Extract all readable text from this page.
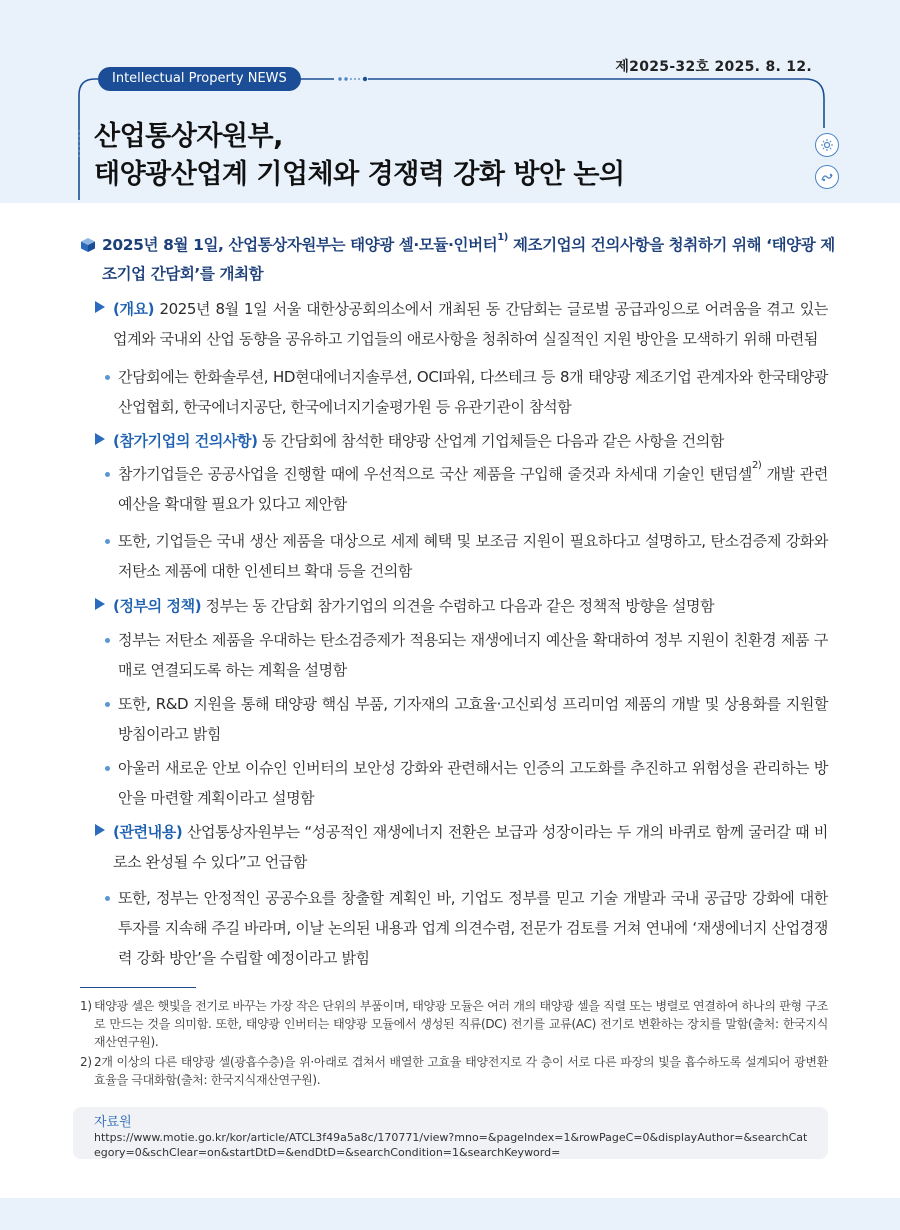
제2025-32호 2025. 8. 12.
Intellectual Property NEWS
산업통상자원부,
태양광산업계 기업체와 경쟁력 강화 방안 논의
2025년 8월 1일, 산업통상자원부는 태양광 셀·모듈·인버터$^{1)}$ 제조기업의 건의사항을 청취하기 위해 ‘태양광 제조기업 간담회’를 개최함
(개요) 2025년 8월 1일 서울 대한상공회의소에서 개최된 동 간담회는 글로벌 공급과잉으로 어려움을 겪고 있는 업계와 국내외 산업 동향을 공유하고 기업들의 애로사항을 청취하여 실질적인 지원 방안을 모색하기 위해 마련됨
간담회에는 한화솔루션, HD현대에너지솔루션, OCI파워, 다쓰테크 등 8개 태양광 제조기업 관계자와 한국태양광산업협회, 한국에너지공단, 한국에너지기술평가원 등 유관기관이 참석함
(참가기업의 건의사항) 동 간담회에 참석한 태양광 산업계 기업체들은 다음과 같은 사항을 건의함
참가기업들은 공공사업을 진행할 때에 우선적으로 국산 제품을 구입해 줄것과 차세대 기술인 탠덤셀$^{2)}$ 개발 관련 예산을 확대할 필요가 있다고 제안함
또한, 기업들은 국내 생산 제품을 대상으로 세제 혜택 및 보조금 지원이 필요하다고 설명하고, 탄소검증제 강화와 저탄소 제품에 대한 인센티브 확대 등을 건의함
(정부의 정책) 정부는 동 간담회 참가기업의 의견을 수렴하고 다음과 같은 정책적 방향을 설명함
정부는 저탄소 제품을 우대하는 탄소검증제가 적용되는 재생에너지 예산을 확대하여 정부 지원이 친환경 제품 구매로 연결되도록 하는 계획을 설명함
또한, R&D 지원을 통해 태양광 핵심 부품, 기자재의 고효율·고신뢰성 프리미엄 제품의 개발 및 상용화를 지원할 방침이라고 밝힘
아울러 새로운 안보 이슈인 인버터의 보안성 강화와 관련해서는 인증의 고도화를 추진하고 위험성을 관리하는 방안을 마련할 계획이라고 설명함
(관련내용) 산업통상자원부는 “성공적인 재생에너지 전환은 보급과 성장이라는 두 개의 바퀴로 함께 굴러갈 때 비로소 완성될 수 있다”고 언급함
또한, 정부는 안정적인 공공수요를 창출할 계획인 바, 기업도 정부를 믿고 기술 개발과 국내 공급망 강화에 대한 투자를 지속해 주길 바라며, 이날 논의된 내용과 업계 의견수렴, 전문가 검토를 거쳐 연내에 ‘재생에너지 산업경쟁력 강화 방안’을 수립할 예정이라고 밝힘
1) 태양광 셀은 햇빛을 전기로 바꾸는 가장 작은 단위의 부품이며, 태양광 모듈은 여러 개의 태양광 셀을 직렬 또는 병렬로 연결하여 하나의 판형 구조로 만드는 것을 의미함. 또한, 태양광 인버터는 태양광 모듈에서 생성된 직류(DC) 전기를 교류(AC) 전기로 변환하는 장치를 말함(출처: 한국지식재산연구원).
2) 2개 이상의 다른 태양광 셀(광흡수층)을 위·아래로 겹쳐서 배열한 고효율 태양전지로 각 층이 서로 다른 파장의 빛을 흡수하도록 설계되어 광변환 효율을 극대화함(출처: 한국지식재산연구원).
자료원
https://www.motie.go.kr/kor/article/ATCL3f49a5a8c/170771/view?mno=&pageIndex=1&rowPageC=0&displayAuthor=&searchCategory=0&schClear=on&startDtD=&endDtD=&searchCondition=1&searchKeyword=
